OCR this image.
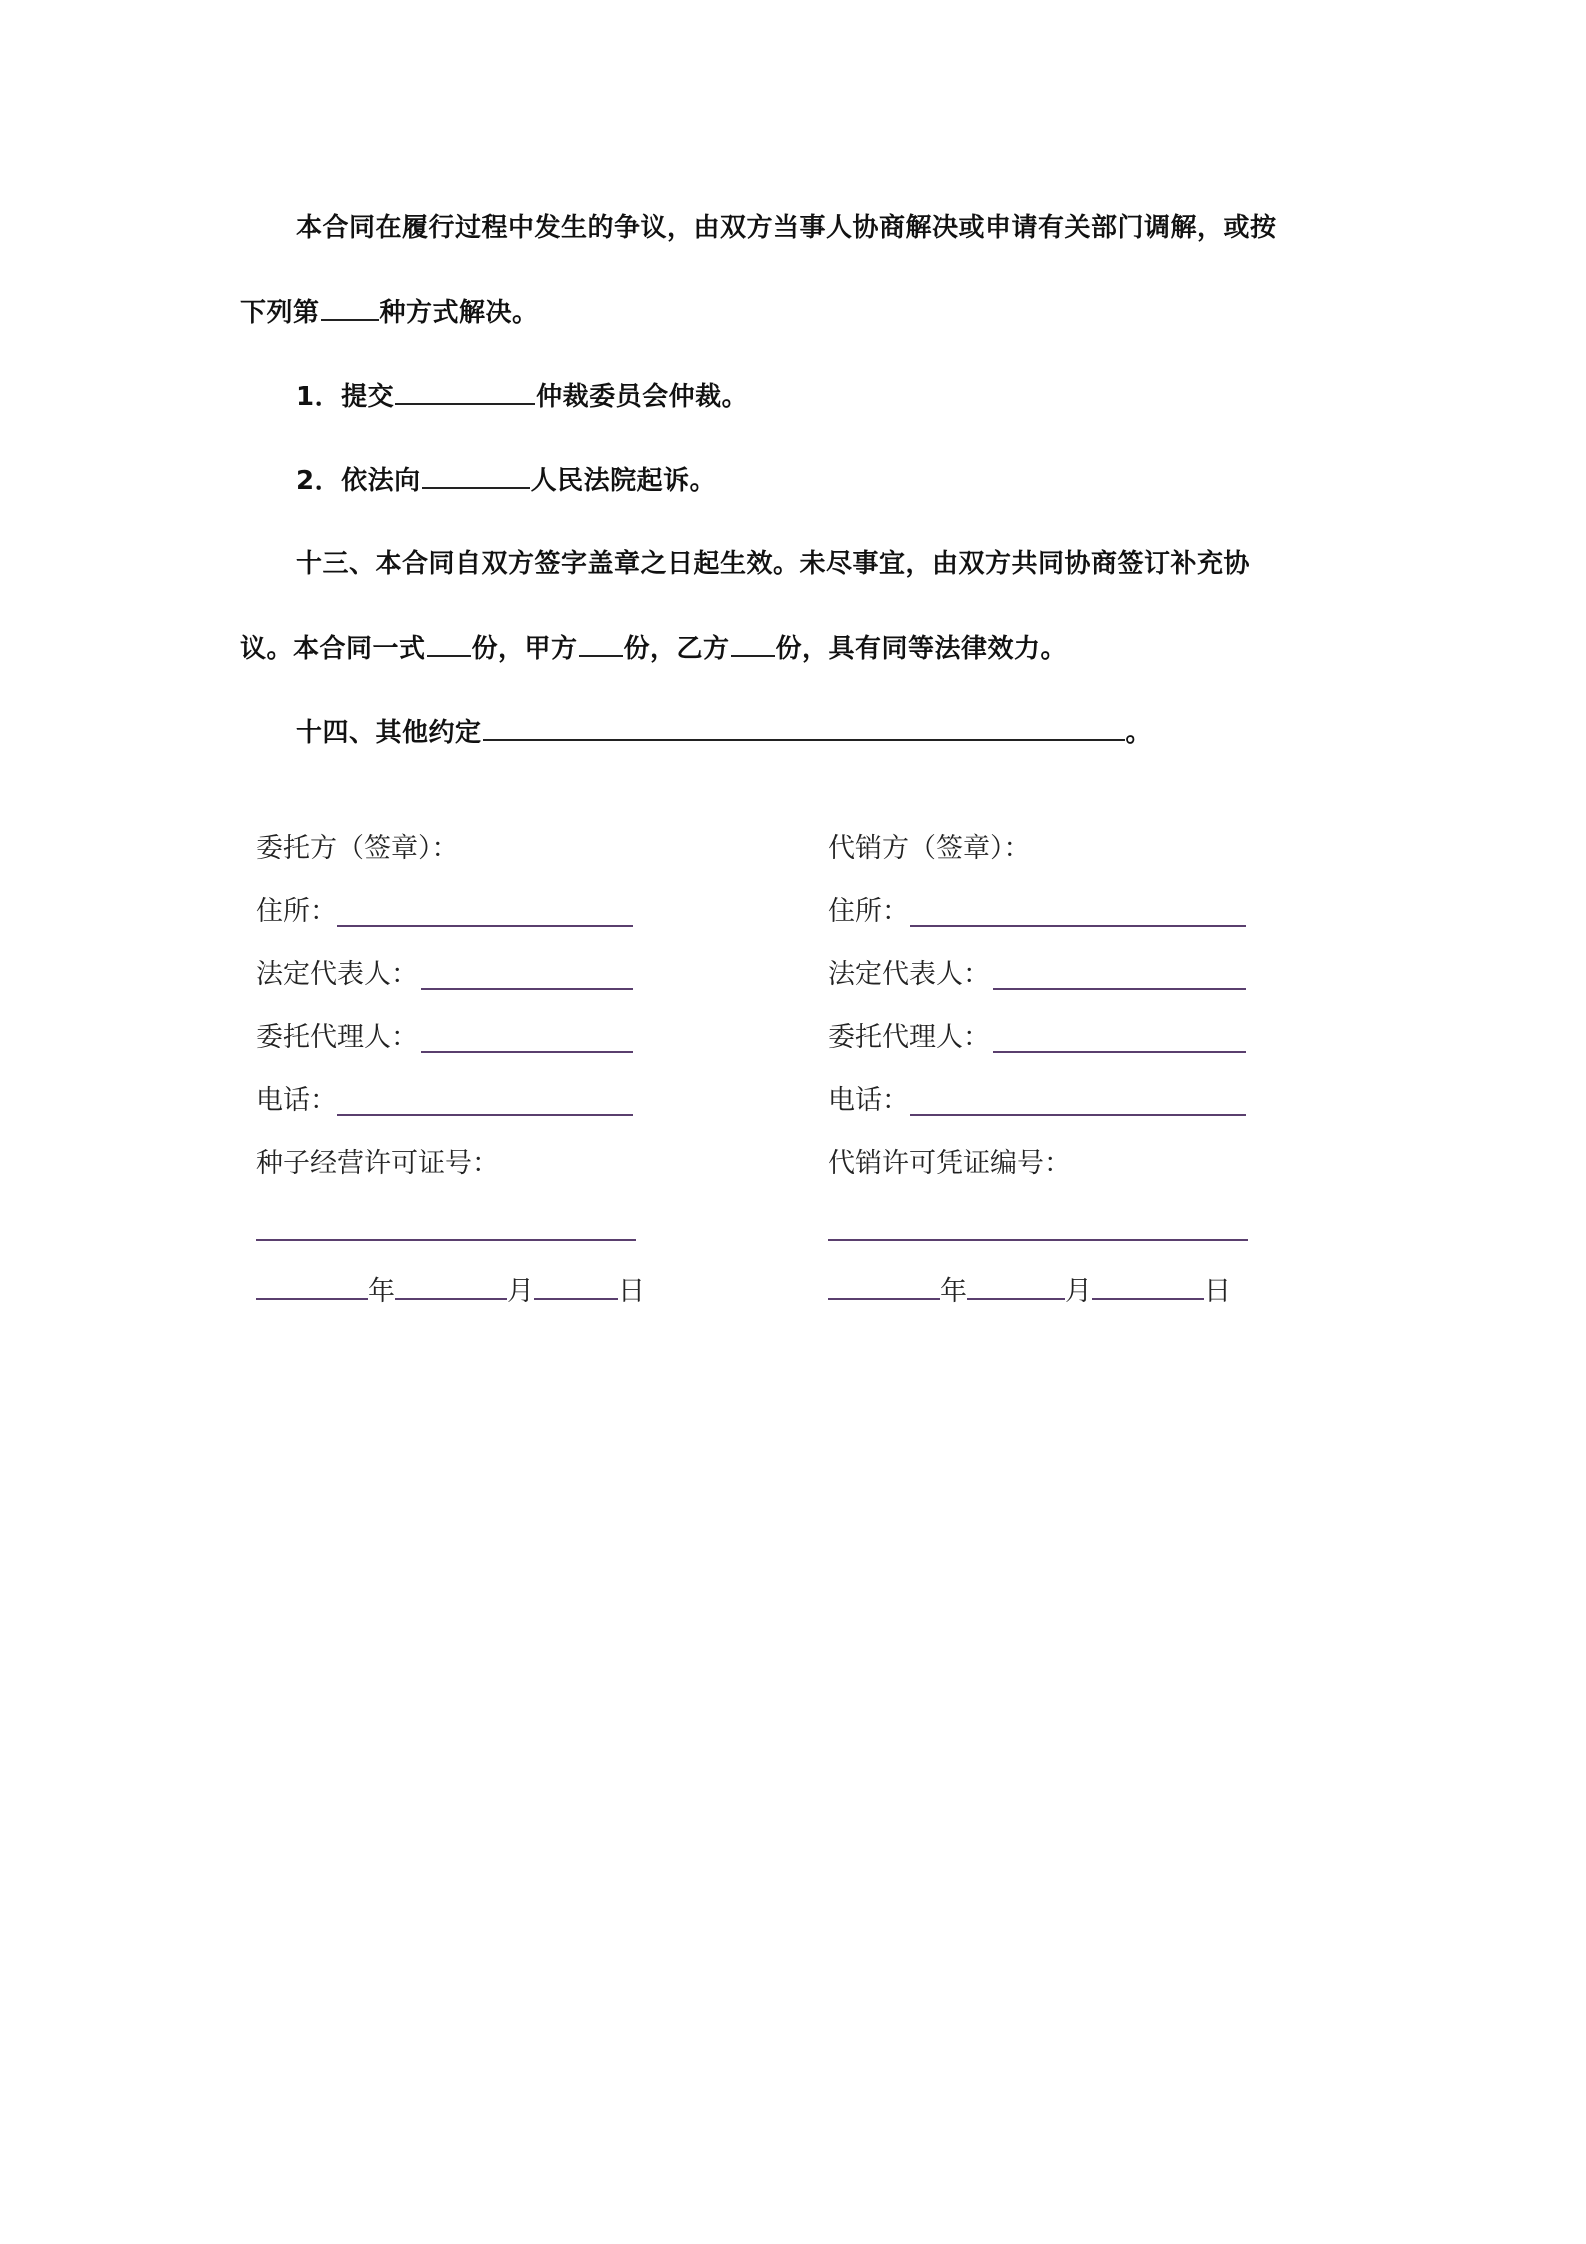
本合同在履行过程中发生的争议，由双方当事人协商解决或申请有关部门调解，或按
下列第 种方式解决。
1．提交	仲裁委员会仲裁。
2．依法向	人民法院起诉。
十三、本合同自双方签字盖章之日起生效。未尽事宜，由双方共同协商签订补充协
议。本合同一式 份，甲方 份，乙方 份，具有同等法律效力。
十四、其他约定	。
委托方（签章）：
住所：
法定代表人：
委托代理人：
电话：
种子经营许可证号：
年	月	日
代销方（签章）：
住所：
法定代表人：
委托代理人：
电话：
代销许可凭证编号：
年	月	日
